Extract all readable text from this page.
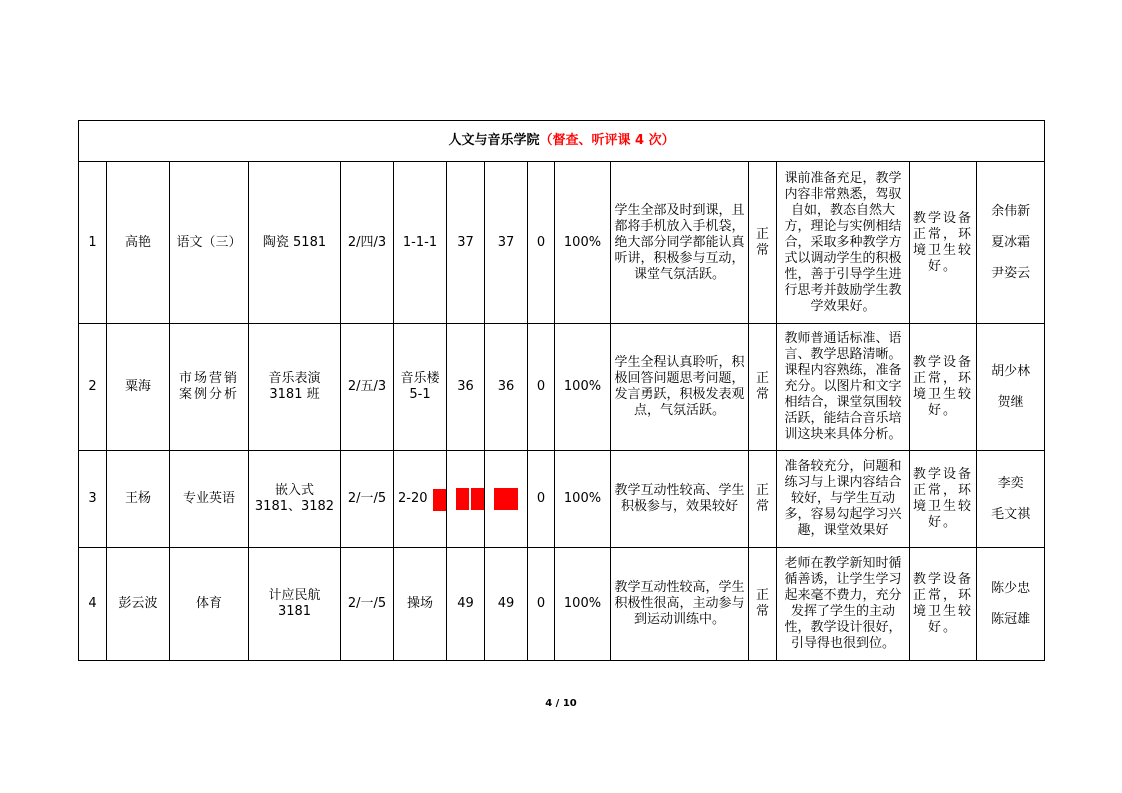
人文与音乐学院（督查、听评课 4 次）														
1	高艳	语文（三）	陶瓷 5181	2/四/3	1-1-1	37	37	0	100%	学生全部及时到课，且都将手机放入手机袋，绝大部分同学都能认真听讲，积极参与互动，课堂气氛活跃。	正常	课前准备充足，教学内容非常熟悉，驾驭自如，教态自然大方，理论与实例相结合，采取多种教学方式以调动学生的积极性，善于引导学生进行思考并鼓励学生教学效果好。	教学设备正常，环境卫生较好。	余伟新
夏冰霜
尹姿云

2	粟海	市场营销案例分析	音乐表演 3181 班	2/五/3	音乐楼 5-1	36	36	0	100%	学生全程认真聆听，积极回答问题思考问题，发言勇跃，积极发表观点，气氛活跃。	正常	教师普通话标准、语言、教学思路清晰。课程内容熟练，准备充分。以图片和文字相结合，课堂氛围较活跃，能结合音乐培训这块来具体分析。	教学设备正常，环境卫生较好。	胡少林
贺继

3	王杨	专业英语	嵌入式 3181、3182	2/一/5	2-20			0	100%	教学互动性较高、学生积极参与，效果较好	正常	准备较充分，问题和练习与上课内容结合较好，与学生互动多，容易勾起学习兴趣，课堂效果好	教学设备正常，环境卫生较好。	李奕
毛文祺

4	彭云波	体育	计应民航 3181	2/一/5	操场	49	49	0	100%	教学互动性较高，学生积极性很高，主动参与到运动训练中。	正常	老师在教学新知时循循善诱，让学生学习起来毫不费力，充分发挥了学生的主动性，教学设计很好，引导得也很到位。	教学设备正常，环境卫生较好。	陈少忠
陈冠雄
4 / 10
